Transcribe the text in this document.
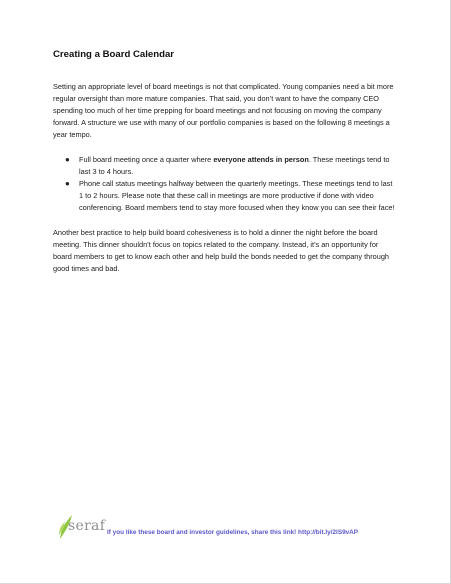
Creating a Board Calendar

Setting an appropriate level of board meetings is not that complicated. Young companies need a bit more regular oversight than more mature companies. That said, you don’t want to have the company CEO spending too much of her time prepping for board meetings and not focusing on moving the company forward. A structure we use with many of our portfolio companies is based on the following 8 meetings a year tempo.

● Full board meeting once a quarter where everyone attends in person. These meetings tend to last 3 to 4 hours.
● Phone call status meetings halfway between the quarterly meetings. These meetings tend to last 1 to 2 hours. Please note that these call in meetings are more productive if done with video conferencing. Board members tend to stay more focused when they know you can see their face!

Another best practice to help build board cohesiveness is to hold a dinner the night before the board meeting. This dinner shouldn’t focus on topics related to the company. Instead, it’s an opportunity for board members to get to know each other and help build the bonds needed to get the company through good times and bad.

seraf If you like these board and investor guidelines, share this link! http://bit.ly/2lS9vAP
